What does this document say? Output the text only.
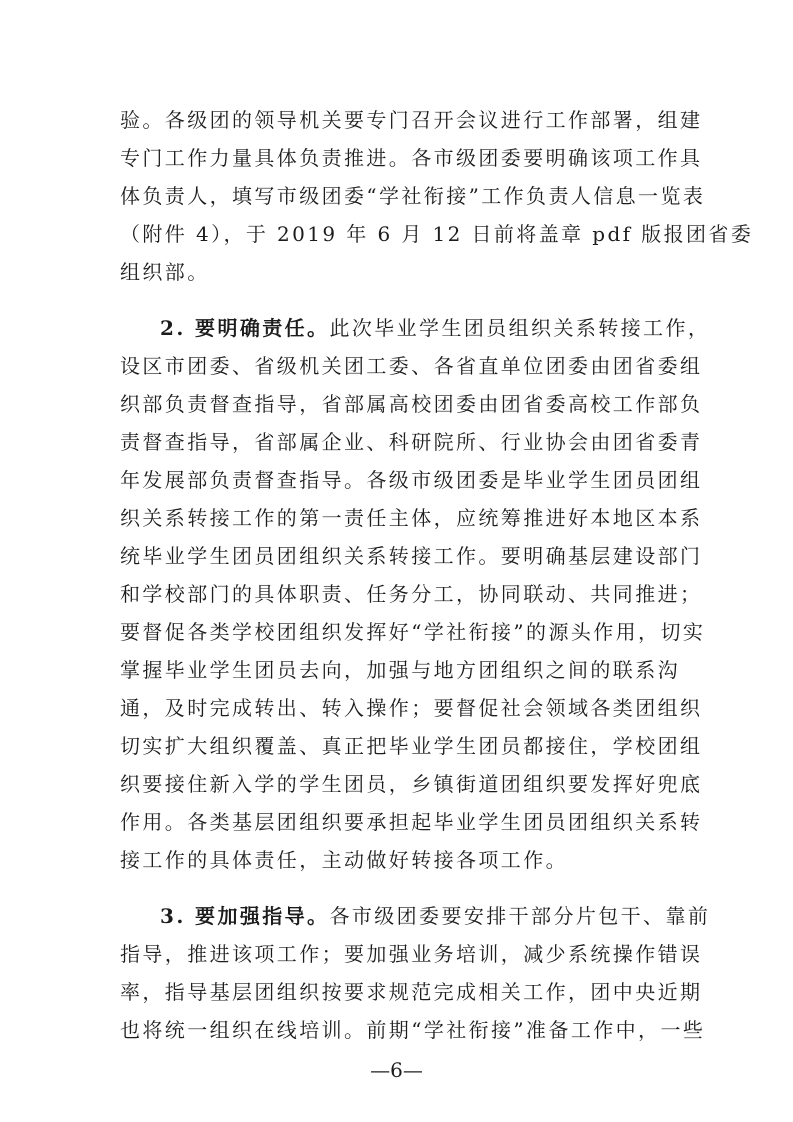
验。各级团的领导机关要专门召开会议进行工作部署，组建
专门工作力量具体负责推进。各市级团委要明确该项工作具
体负责人，填写市级团委“学社衔接”工作负责人信息一览表
（附件 4），于 2019 年 6 月 12 日前将盖章 pdf 版报团省委
组织部。
2. 要明确责任。此次毕业学生团员组织关系转接工作，
设区市团委、省级机关团工委、各省直单位团委由团省委组
织部负责督查指导，省部属高校团委由团省委高校工作部负
责督查指导，省部属企业、科研院所、行业协会由团省委青
年发展部负责督查指导。各级市级团委是毕业学生团员团组
织关系转接工作的第一责任主体，应统筹推进好本地区本系
统毕业学生团员团组织关系转接工作。要明确基层建设部门
和学校部门的具体职责、任务分工，协同联动、共同推进；
要督促各类学校团组织发挥好“学社衔接”的源头作用，切实
掌握毕业学生团员去向，加强与地方团组织之间的联系沟
通，及时完成转出、转入操作；要督促社会领域各类团组织
切实扩大组织覆盖、真正把毕业学生团员都接住，学校团组
织要接住新入学的学生团员，乡镇街道团组织要发挥好兜底
作用。各类基层团组织要承担起毕业学生团员团组织关系转
接工作的具体责任，主动做好转接各项工作。
3. 要加强指导。各市级团委要安排干部分片包干、靠前
指导，推进该项工作；要加强业务培训，减少系统操作错误
率，指导基层团组织按要求规范完成相关工作，团中央近期
也将统一组织在线培训。前期“学社衔接”准备工作中，一些
—6—
